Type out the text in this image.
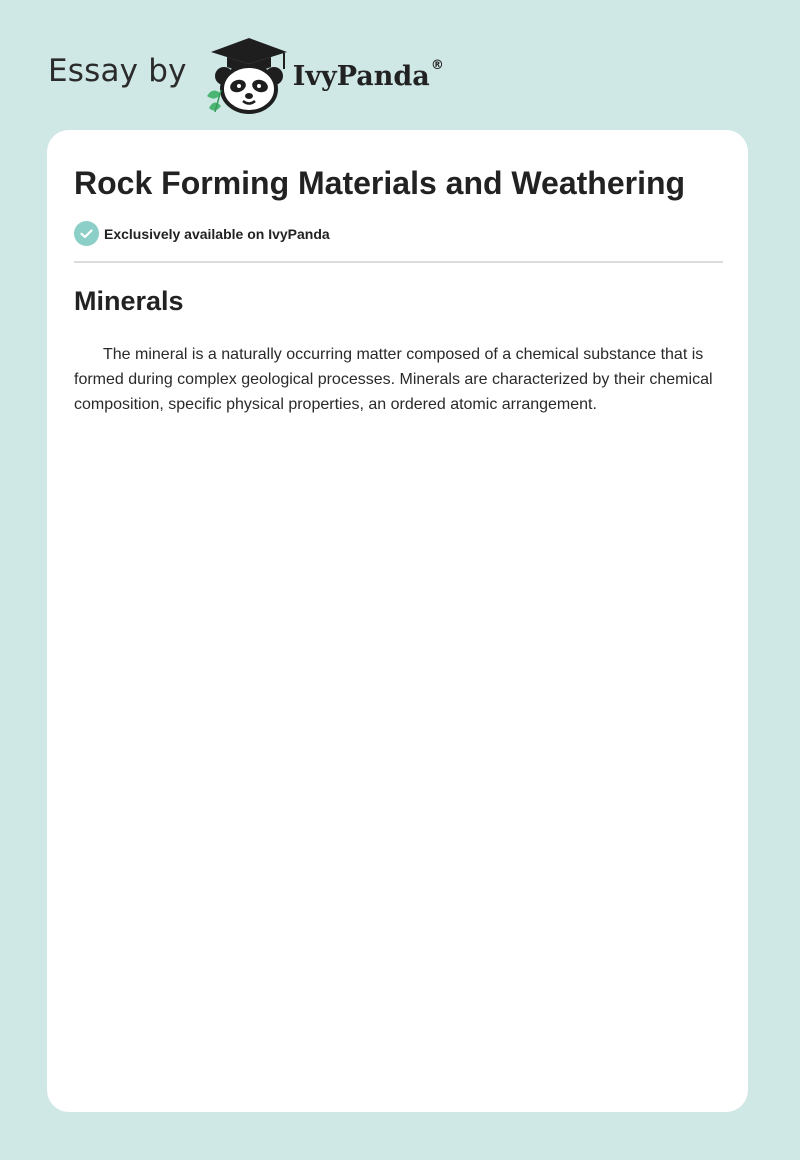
Essay by	IvyPanda®
Rock Forming Materials and Weathering
Exclusively available on IvyPanda
Minerals

The mineral is a naturally occurring matter composed of a chemical substance that is formed during complex geological processes. Minerals are characterized by their chemical composition, specific physical properties, an ordered atomic arrangement.
